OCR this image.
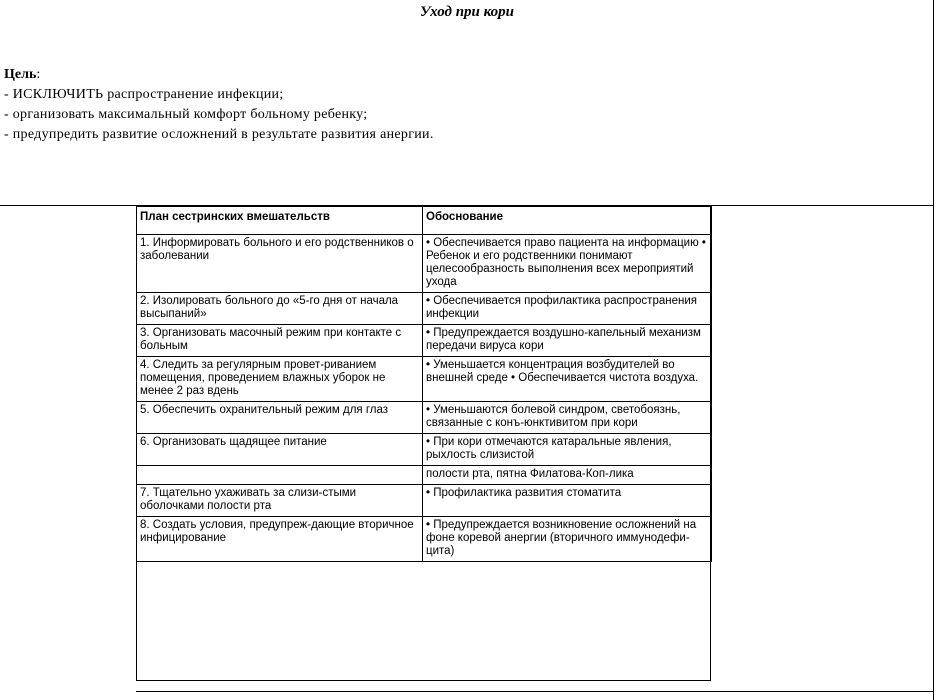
Уход при кори
Цель:
- ИСКЛЮЧИТЬ распространение инфекции;
- организовать максимальный комфорт больному ребенку;
- предупредить развитие осложнений в результате развития анергии.
План сестринских вмешательств	Обоснование
1. Информировать больного и его родственников о заболевании	• Обеспечивается право пациента на информацию • Ребенок и его родственники понимают целесообразность выполнения всех мероприятий ухода
2. Изолировать больного до «5-го дня от начала высыпаний»	• Обеспечивается профилактика распространения инфекции
3. Организовать масочный режим при контакте с больным	• Предупреждается воздушно-капельный механизм передачи вируса кори
4. Следить за регулярным провет-риванием помещения, проведением влажных уборок не менее 2 раз вдень	• Уменьшается концентрация возбудителей во внешней среде • Обеспечивается чистота воздуха.
5. Обеспечить охранительный режим для глаз	• Уменьшаются болевой синдром, светобоязнь, связанные с конъ-юнктивитом при кори
6. Организовать щадящее питание	• При кори отмечаются катаральные явления, рыхлость слизистой
	полости рта, пятна Филатова-Коп-лика
7. Тщательно ухаживать за слизи-стыми оболочками полости рта	• Профилактика развития стоматита
8. Создать условия, предупреж-дающие вторичное инфицирование	• Предупреждается возникновение осложнений на фоне коревой анергии (вторичного иммунодефи-цита)
